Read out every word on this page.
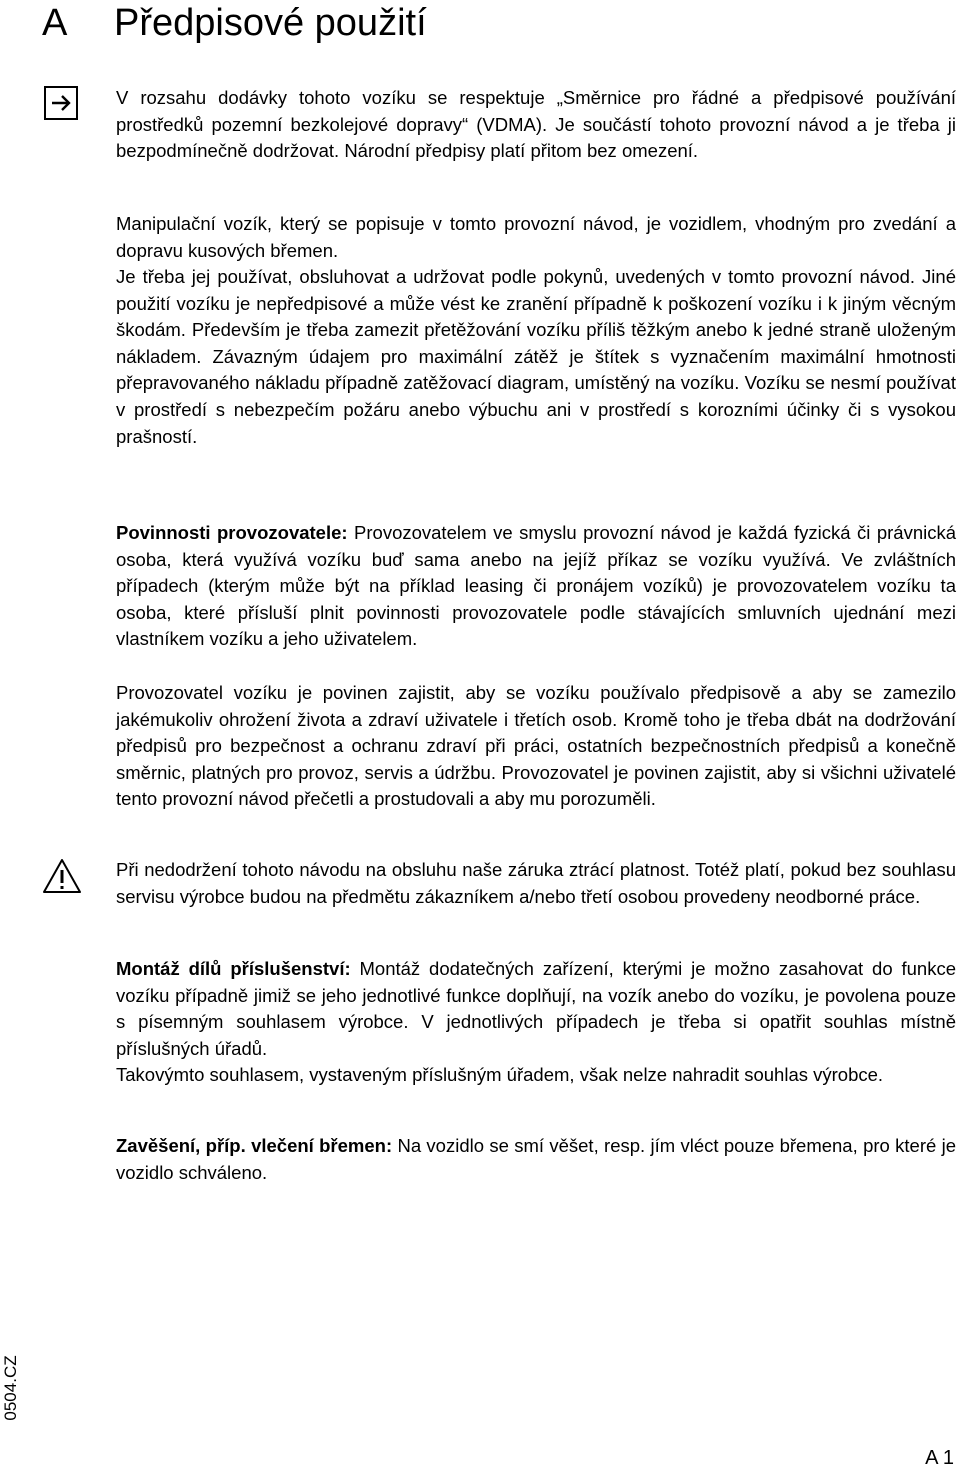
A Předpisové použití

V rozsahu dodávky tohoto vozíku se respektuje „Směrnice pro řádné a předpisové používání prostředků pozemní bezkolejové dopravy“ (VDMA). Je součástí tohoto provozní návod a je třeba ji bezpodmínečně dodržovat. Národní předpisy platí přitom bez omezení.

Manipulační vozík, který se popisuje v tomto provozní návod, je vozidlem, vhodným pro zvedání a dopravu kusových břemen.

Je třeba jej používat, obsluhovat a udržovat podle pokynů, uvedených v tomto provozní návod. Jiné použití vozíku je nepředpisové a může vést ke zranění případně k poškození vozíku i k jiným věcným škodám. Především je třeba zamezit přetěžování vozíku příliš těžkým anebo k jedné straně uloženým nákladem. Závazným údajem pro maximální zátěž je štítek s vyznačením maximální hmotnosti přepravovaného nákladu případně zatěžovací diagram, umístěný na vozíku. Vozíku se nesmí používat v prostředí s nebezpečím požáru anebo výbuchu ani v prostředí s korozními účinky či s vysokou prašností.

Povinnosti provozovatele: Provozovatelem ve smyslu provozní návod je každá fyzická či právnická osoba, která využívá vozíku buď sama anebo na jejíž příkaz se vozíku využívá. Ve zvláštních případech (kterým může být na příklad leasing či pronájem vozíků) je provozovatelem vozíku ta osoba, které přísluší plnit povinnosti provozovatele podle stávajících smluvních ujednání mezi vlastníkem vozíku a jeho uživatelem.

Provozovatel vozíku je povinen zajistit, aby se vozíku používalo předpisově a aby se zamezilo jakémukoliv ohrožení života a zdraví uživatele i třetích osob. Kromě toho je třeba dbát na dodržování předpisů pro bezpečnost a ochranu zdraví při práci, ostatních bezpečnostních předpisů a konečně směrnic, platných pro provoz, servis a údržbu. Provozovatel je povinen zajistit, aby si všichni uživatelé tento provozní návod přečetli a prostudovali a aby mu porozuměli.

Při nedodržení tohoto návodu na obsluhu naše záruka ztrácí platnost. Totéž platí, pokud bez souhlasu servisu výrobce budou na předmětu zákazníkem a/nebo třetí osobou provedeny neodborné práce.

Montáž dílů příslušenství: Montáž dodatečných zařízení, kterými je možno zasahovat do funkce vozíku případně jimiž se jeho jednotlivé funkce doplňují, na vozík anebo do vozíku, je povolena pouze s písemným souhlasem výrobce. V jednotlivých případech je třeba si opatřit souhlas místně příslušných úřadů.

Takovýmto souhlasem, vystaveným příslušným úřadem, však nelze nahradit souhlas výrobce.

Zavěšení, příp. vlečení břemen: Na vozidlo se smí věšet, resp. jím vléct pouze břemena, pro které je vozidlo schváleno.

0504.CZ
A 1
